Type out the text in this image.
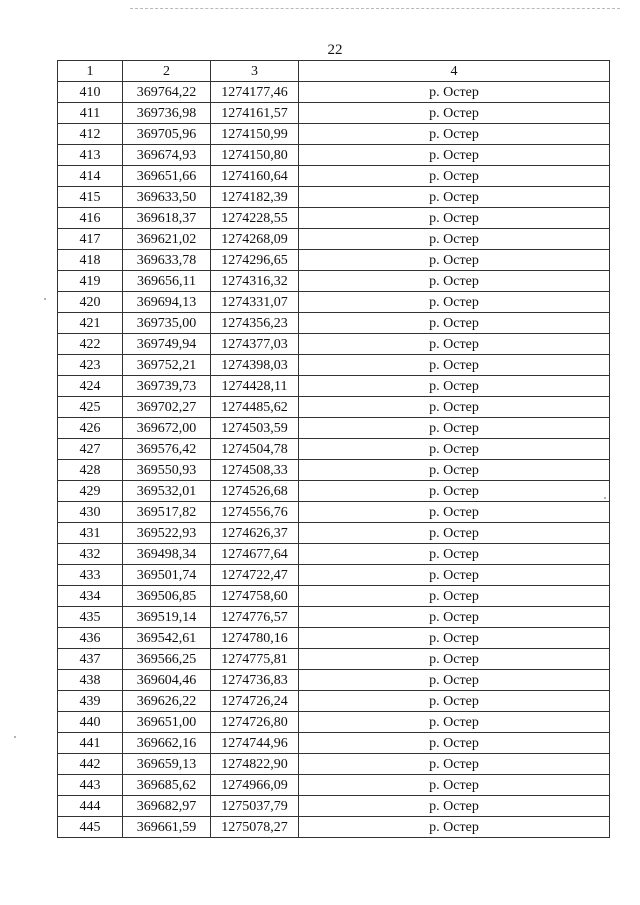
22
1	2	3	4
410	369764,22	1274177,46	р. Остер
411	369736,98	1274161,57	р. Остер
412	369705,96	1274150,99	р. Остер
413	369674,93	1274150,80	р. Остер
414	369651,66	1274160,64	р. Остер
415	369633,50	1274182,39	р. Остер
416	369618,37	1274228,55	р. Остер
417	369621,02	1274268,09	р. Остер
418	369633,78	1274296,65	р. Остер
419	369656,11	1274316,32	р. Остер
420	369694,13	1274331,07	р. Остер
421	369735,00	1274356,23	р. Остер
422	369749,94	1274377,03	р. Остер
423	369752,21	1274398,03	р. Остер
424	369739,73	1274428,11	р. Остер
425	369702,27	1274485,62	р. Остер
426	369672,00	1274503,59	р. Остер
427	369576,42	1274504,78	р. Остер
428	369550,93	1274508,33	р. Остер
429	369532,01	1274526,68	р. Остер
430	369517,82	1274556,76	р. Остер
431	369522,93	1274626,37	р. Остер
432	369498,34	1274677,64	р. Остер
433	369501,74	1274722,47	р. Остер
434	369506,85	1274758,60	р. Остер
435	369519,14	1274776,57	р. Остер
436	369542,61	1274780,16	р. Остер
437	369566,25	1274775,81	р. Остер
438	369604,46	1274736,83	р. Остер
439	369626,22	1274726,24	р. Остер
440	369651,00	1274726,80	р. Остер
441	369662,16	1274744,96	р. Остер
442	369659,13	1274822,90	р. Остер
443	369685,62	1274966,09	р. Остер
444	369682,97	1275037,79	р. Остер
445	369661,59	1275078,27	р. Остер
